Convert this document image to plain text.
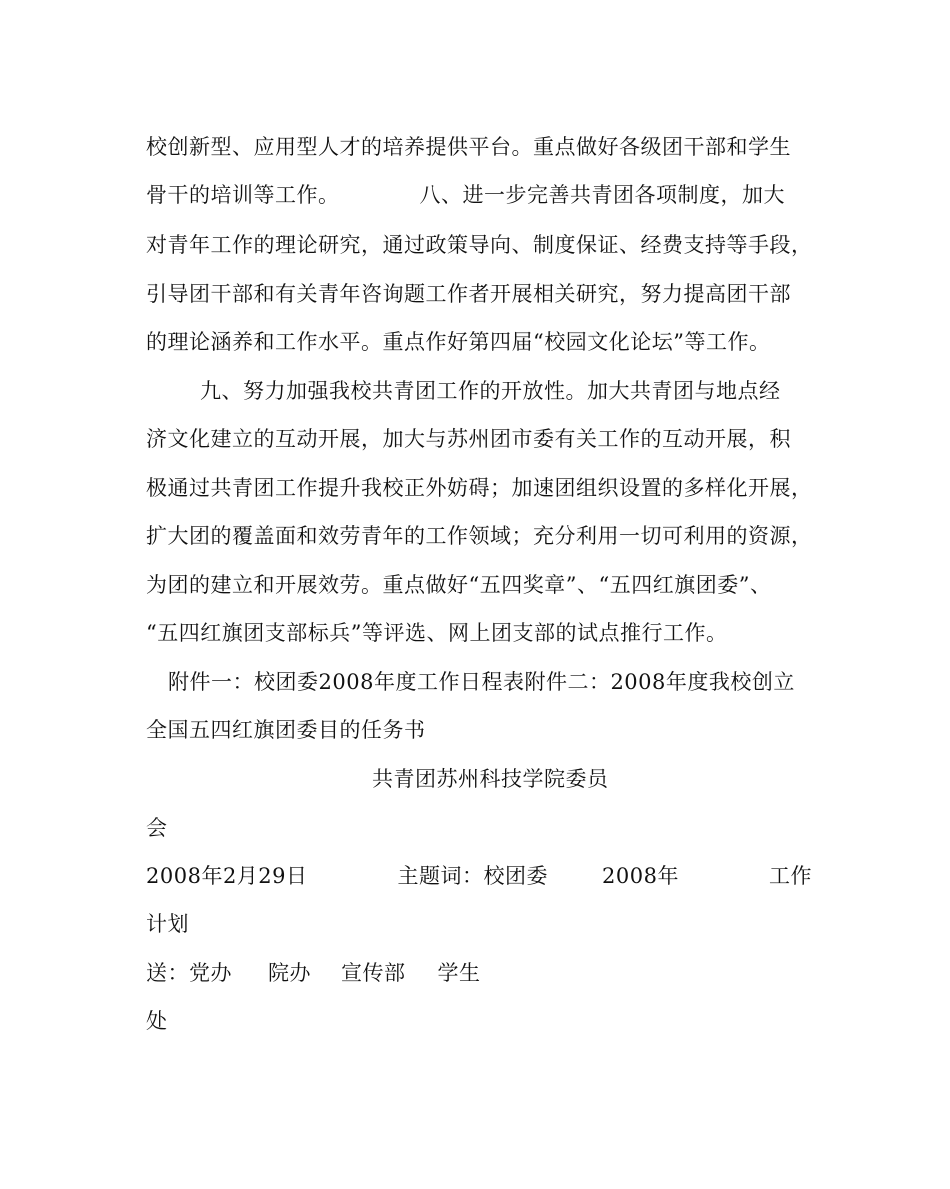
校创新型、应用型人才的培养提供平台。重点做好各级团干部和学生
骨干的培训等工作。	八、进一步完善共青团各项制度，加大
对青年工作的理论研究，通过政策导向、制度保证、经费支持等手段，
引导团干部和有关青年咨询题工作者开展相关研究，努力提高团干部
的理论涵养和工作水平。重点作好第四届“校园文化论坛”等工作。
九、努力加强我校共青团工作的开放性。加大共青团与地点经
济文化建立的互动开展，加大与苏州团市委有关工作的互动开展，积
极通过共青团工作提升我校正外妨碍；加速团组织设置的多样化开展，
扩大团的覆盖面和效劳青年的工作领域；充分利用一切可利用的资源，
为团的建立和开展效劳。重点做好“五四奖章”、“五四红旗团委”、
“五四红旗团支部标兵”等评选、网上团支部的试点推行工作。
附件一：校团委2008年度工作日程表附件二：2008年度我校创立
全国五四红旗团委目的任务书
共青团苏州科技学院委员
会
2008年2月29日	主题词：校团委	2008年	工作
计划
送：党办 院办 宣传部 学生
处
